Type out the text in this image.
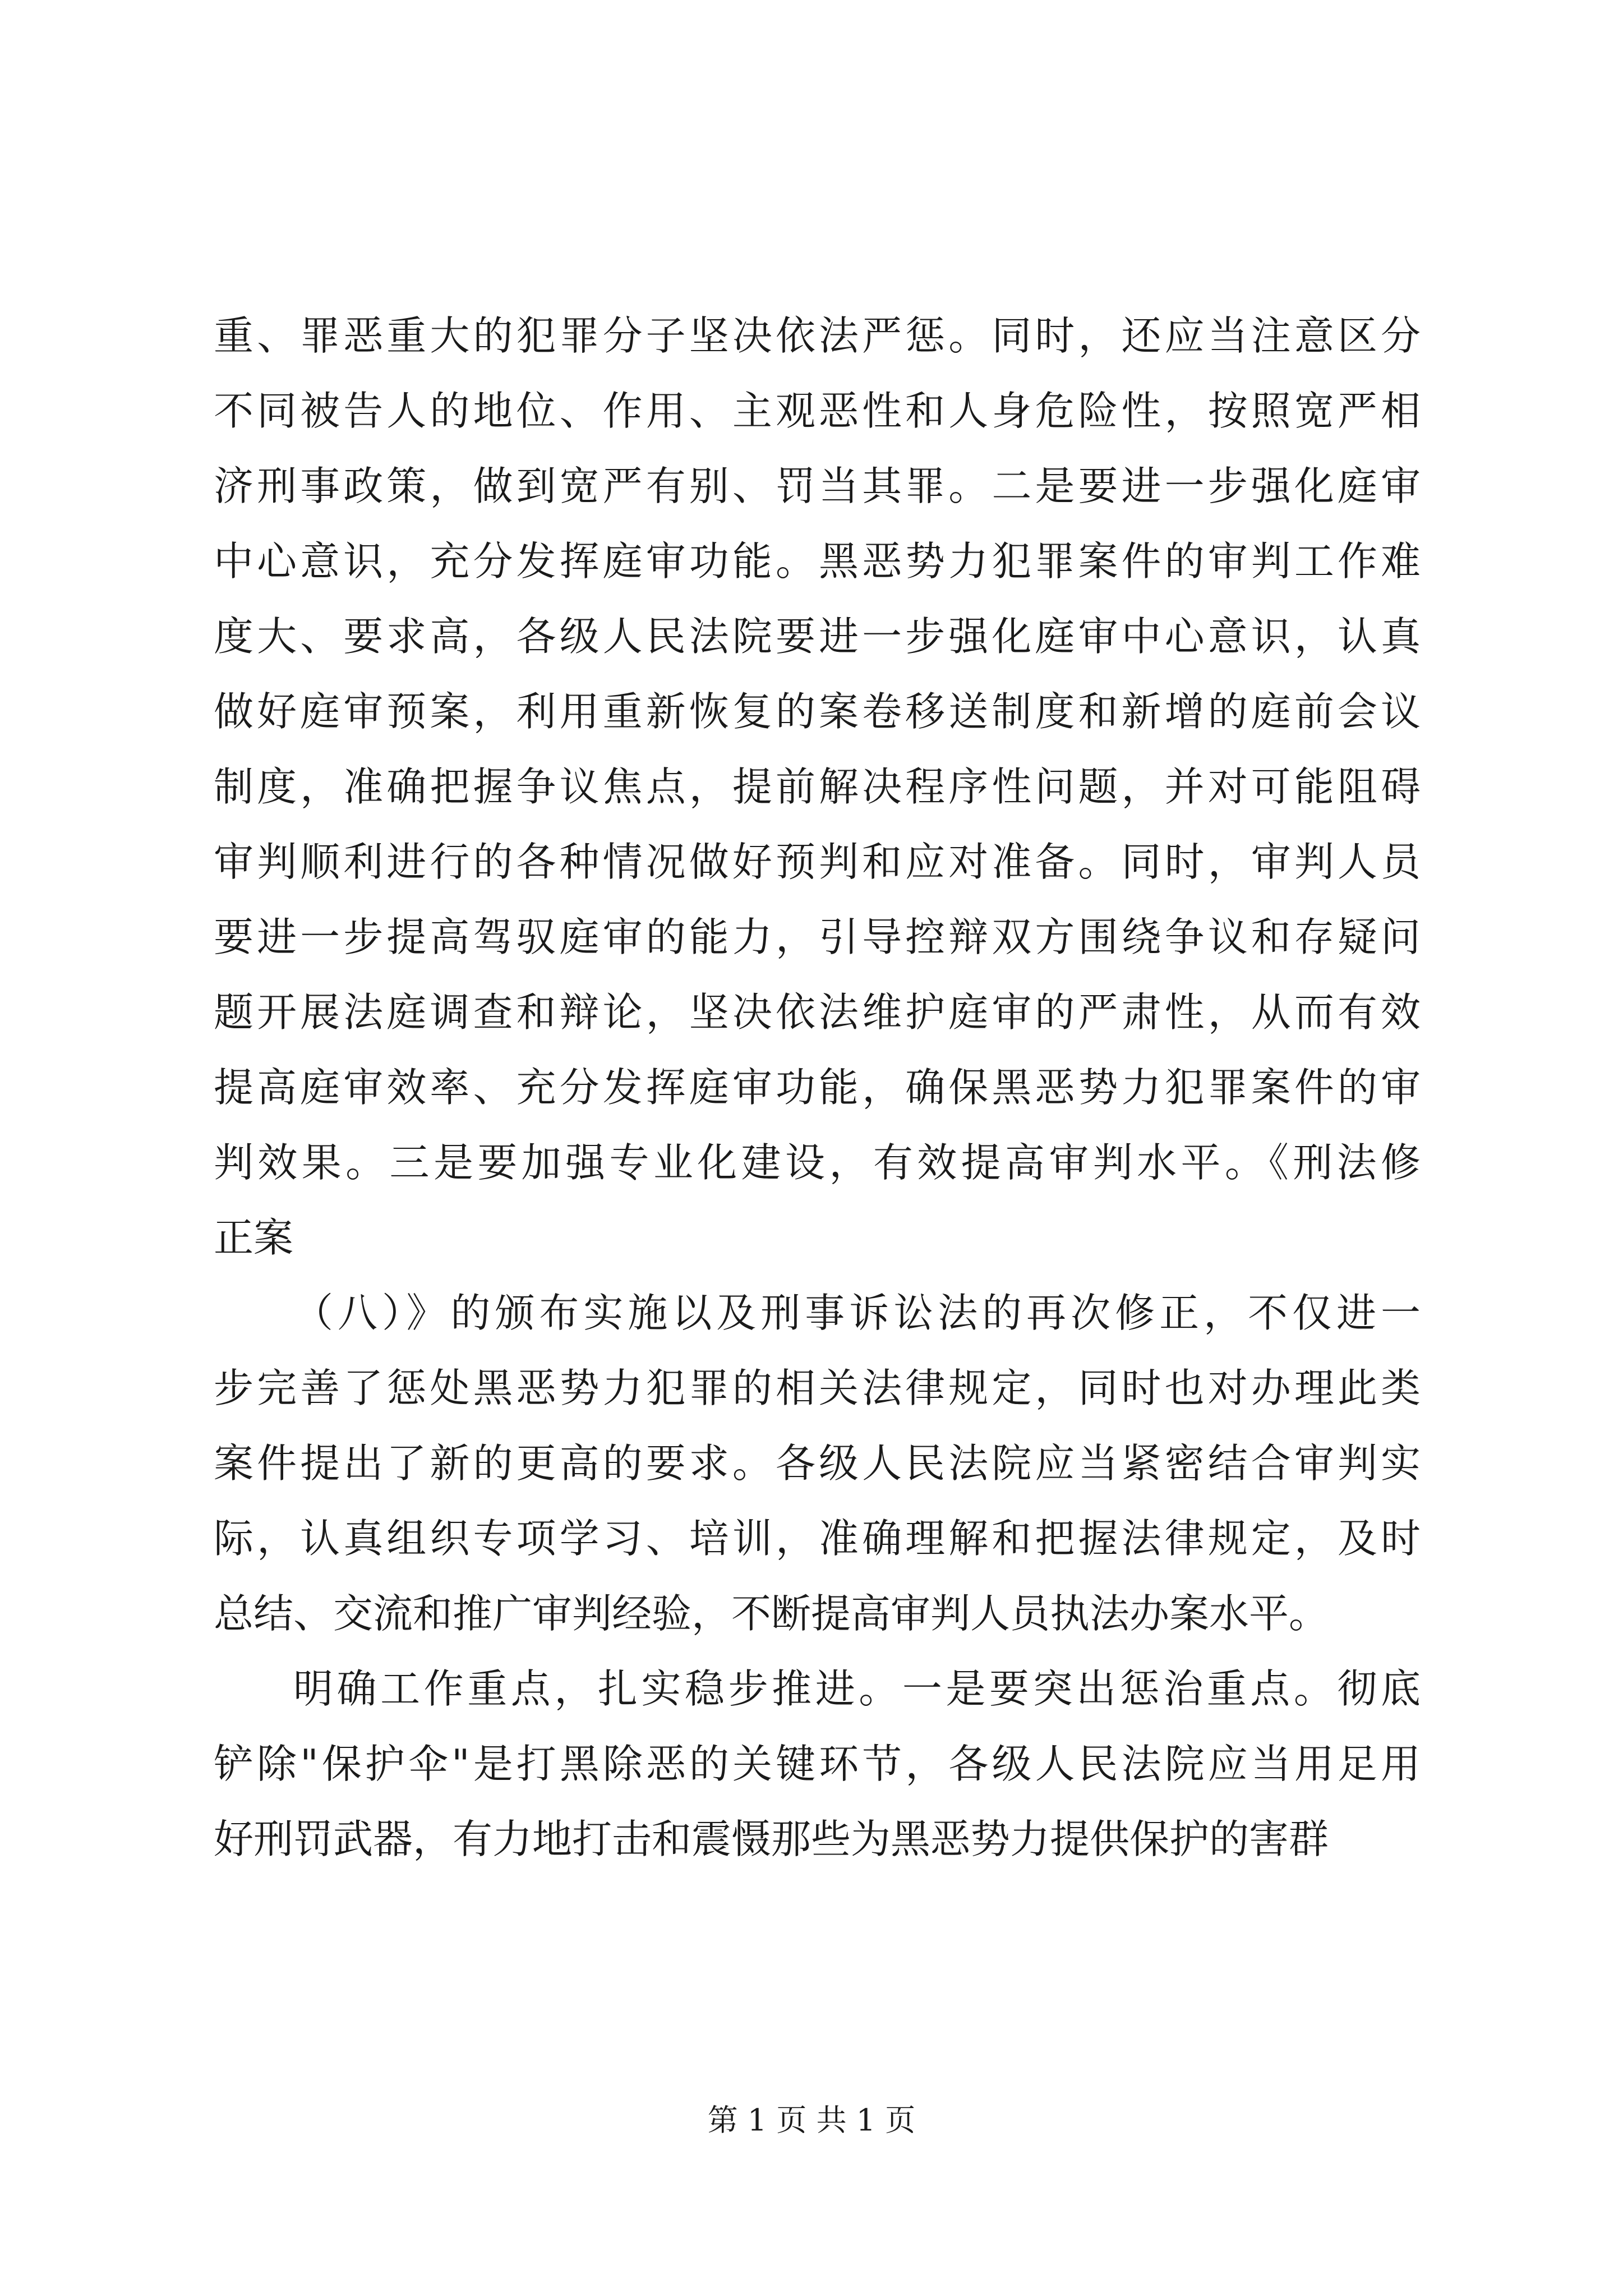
重、罪恶重大的犯罪分子坚决依法严惩。同时，还应当注意区分
不同被告人的地位、作用、主观恶性和人身危险性，按照宽严相
济刑事政策，做到宽严有别、罚当其罪。二是要进一步强化庭审
中心意识，充分发挥庭审功能。黑恶势力犯罪案件的审判工作难
度大、要求高，各级人民法院要进一步强化庭审中心意识，认真
做好庭审预案，利用重新恢复的案卷移送制度和新增的庭前会议
制度，准确把握争议焦点，提前解决程序性问题，并对可能阻碍
审判顺利进行的各种情况做好预判和应对准备。同时，审判人员
要进一步提高驾驭庭审的能力，引导控辩双方围绕争议和存疑问
题开展法庭调查和辩论，坚决依法维护庭审的严肃性，从而有效
提高庭审效率、充分发挥庭审功能，确保黑恶势力犯罪案件的审
判效果。三是要加强专业化建设，有效提高审判水平。《刑法修
正案
（八）》的颁布实施以及刑事诉讼法的再次修正，不仅进一
步完善了惩处黑恶势力犯罪的相关法律规定，同时也对办理此类
案件提出了新的更高的要求。各级人民法院应当紧密结合审判实
际，认真组织专项学习、培训，准确理解和把握法律规定，及时
总结、交流和推广审判经验，不断提高审判人员执法办案水平。
明确工作重点，扎实稳步推进。一是要突出惩治重点。彻底
铲除"保护伞"是打黑除恶的关键环节，各级人民法院应当用足用
好刑罚武器，有力地打击和震慑那些为黑恶势力提供保护的害群
第 1 页 共 1 页
